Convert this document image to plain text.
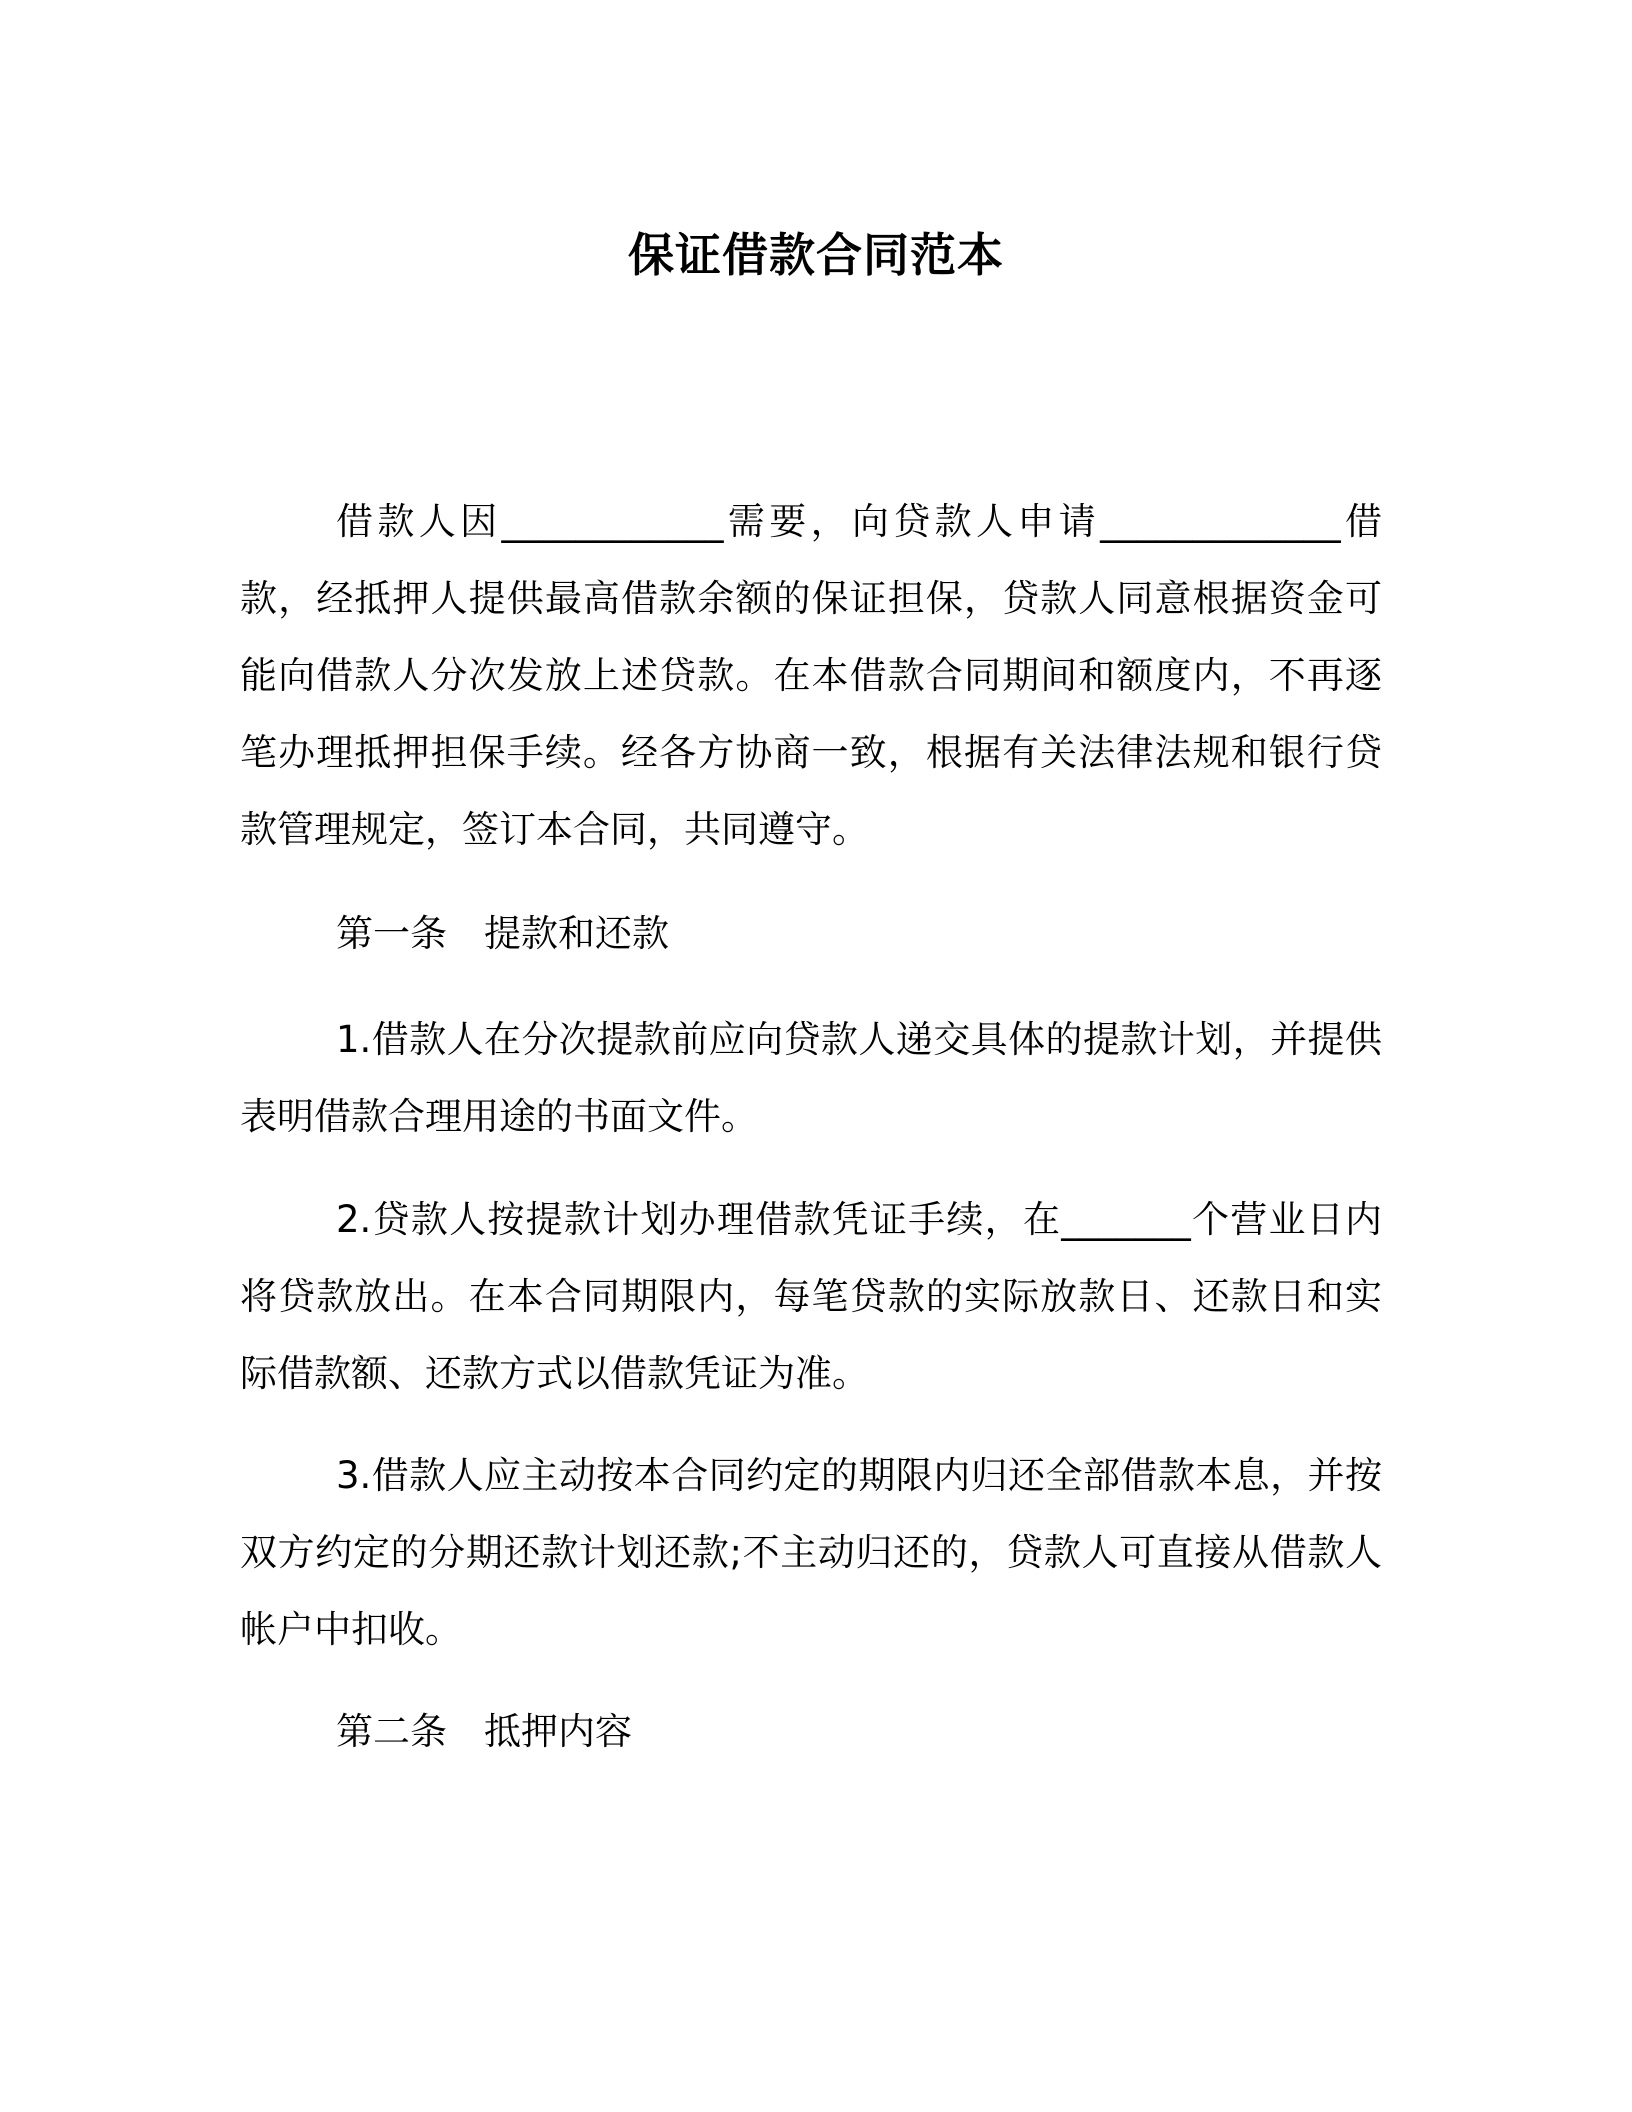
保证借款合同范本

借款人因____________需要，向贷款人申请_____________借款，经抵押人提供最高借款余额的保证担保，贷款人同意根据资金可能向借款人分次发放上述贷款。在本借款合同期间和额度内，不再逐笔办理抵押担保手续。经各方协商一致，根据有关法律法规和银行贷款管理规定，签订本合同，共同遵守。

第一条　提款和还款

1.借款人在分次提款前应向贷款人递交具体的提款计划，并提供表明借款合理用途的书面文件。

2.贷款人按提款计划办理借款凭证手续，在_______个营业日内将贷款放出。在本合同期限内，每笔贷款的实际放款日、还款日和实际借款额、还款方式以借款凭证为准。

3.借款人应主动按本合同约定的期限内归还全部借款本息，并按双方约定的分期还款计划还款;不主动归还的，贷款人可直接从借款人帐户中扣收。

第二条　抵押内容
